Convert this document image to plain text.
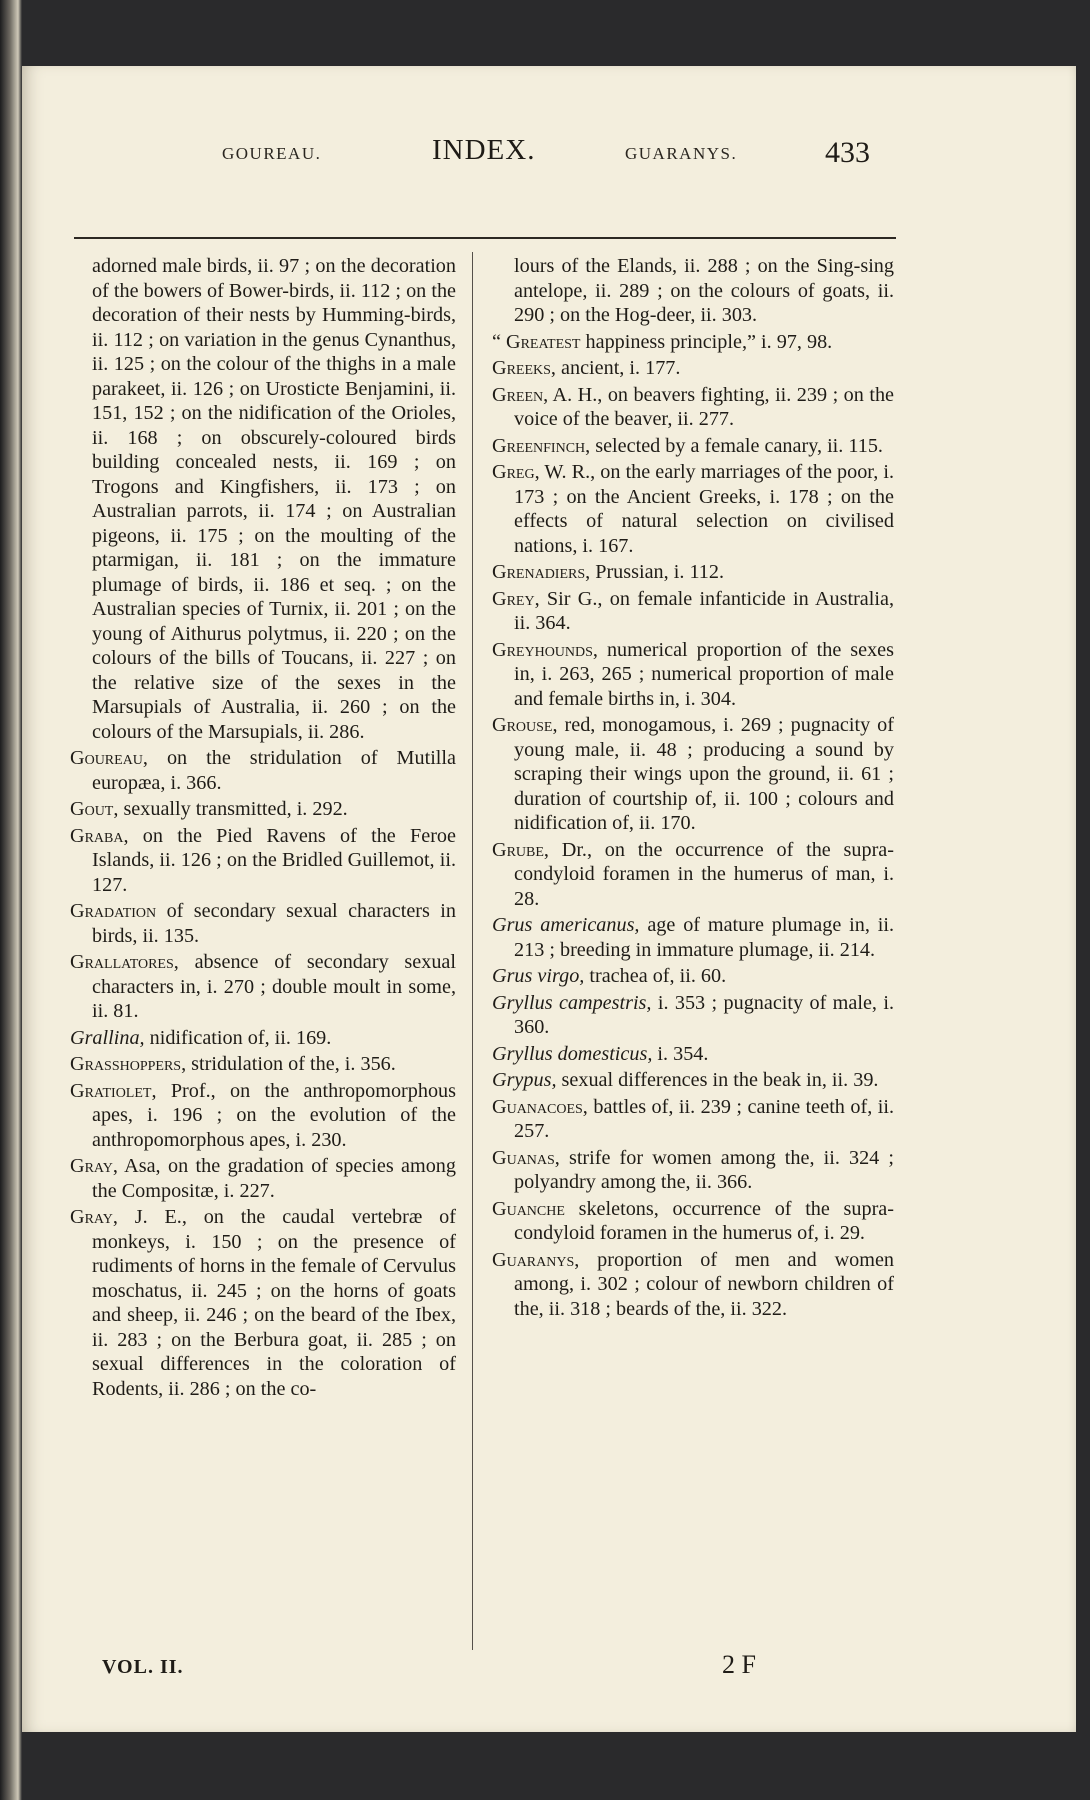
GOUREAU.	INDEX.	GUARANYS.	433

adorned male birds, ii. 97 ; on the decoration of the bowers of Bower-birds, ii. 112 ; on the decoration of their nests by Humming-birds, ii. 112 ; on variation in the genus Cynanthus, ii. 125 ; on the colour of the thighs in a male parakeet, ii. 126 ; on Urosticte Benjamini, ii. 151, 152 ; on the nidification of the Orioles, ii. 168 ; on obscurely-coloured birds building concealed nests, ii. 169 ; on Trogons and Kingfishers, ii. 173 ; on Australian parrots, ii. 174 ; on Australian pigeons, ii. 175 ; on the moulting of the ptarmigan, ii. 181 ; on the immature plumage of birds, ii. 186 et seq. ; on the Australian species of Turnix, ii. 201 ; on the young of Aithurus polytmus, ii. 220 ; on the colours of the bills of Toucans, ii. 227 ; on the relative size of the sexes in the Marsupials of Australia, ii. 260 ; on the colours of the Marsupials, ii. 286.

Goureau, on the stridulation of Mutilla europæa, i. 366.

Gout, sexually transmitted, i. 292.

Graba, on the Pied Ravens of the Feroe Islands, ii. 126 ; on the Bridled Guillemot, ii. 127.

Gradation of secondary sexual characters in birds, ii. 135.

Grallatores, absence of secondary sexual characters in, i. 270 ; double moult in some, ii. 81.

Grallina, nidification of, ii. 169.

Grasshoppers, stridulation of the, i. 356.

Gratiolet, Prof., on the anthropomorphous apes, i. 196 ; on the evolution of the anthropomorphous apes, i. 230.

Gray, Asa, on the gradation of species among the Compositæ, i. 227.

Gray, J. E., on the caudal vertebræ of monkeys, i. 150 ; on the presence of rudiments of horns in the female of Cervulus moschatus, ii. 245 ; on the horns of goats and sheep, ii. 246 ; on the beard of the Ibex, ii. 283 ; on the Berbura goat, ii. 285 ; on sexual differences in the coloration of Rodents, ii. 286 ; on the co-

lours of the Elands, ii. 288 ; on the Sing-sing antelope, ii. 289 ; on the colours of goats, ii. 290 ; on the Hog-deer, ii. 303.

“ Greatest happiness principle,” i. 97, 98.

Greeks, ancient, i. 177.

Green, A. H., on beavers fighting, ii. 239 ; on the voice of the beaver, ii. 277.

Greenfinch, selected by a female canary, ii. 115.

Greg, W. R., on the early marriages of the poor, i. 173 ; on the Ancient Greeks, i. 178 ; on the effects of natural selection on civilised nations, i. 167.

Grenadiers, Prussian, i. 112.

Grey, Sir G., on female infanticide in Australia, ii. 364.

Greyhounds, numerical proportion of the sexes in, i. 263, 265 ; numerical proportion of male and female births in, i. 304.

Grouse, red, monogamous, i. 269 ; pugnacity of young male, ii. 48 ; producing a sound by scraping their wings upon the ground, ii. 61 ; duration of courtship of, ii. 100 ; colours and nidification of, ii. 170.

Grube, Dr., on the occurrence of the supra-condyloid foramen in the humerus of man, i. 28.

Grus americanus, age of mature plumage in, ii. 213 ; breeding in immature plumage, ii. 214.

Grus virgo, trachea of, ii. 60.

Gryllus campestris, i. 353 ; pugnacity of male, i. 360.

Gryllus domesticus, i. 354.

Grypus, sexual differences in the beak in, ii. 39.

Guanacoes, battles of, ii. 239 ; canine teeth of, ii. 257.

Guanas, strife for women among the, ii. 324 ; polyandry among the, ii. 366.

Guanche skeletons, occurrence of the supra-condyloid foramen in the humerus of, i. 29.

Guaranys, proportion of men and women among, i. 302 ; colour of newborn children of the, ii. 318 ; beards of the, ii. 322.

VOL. II.	2 F
